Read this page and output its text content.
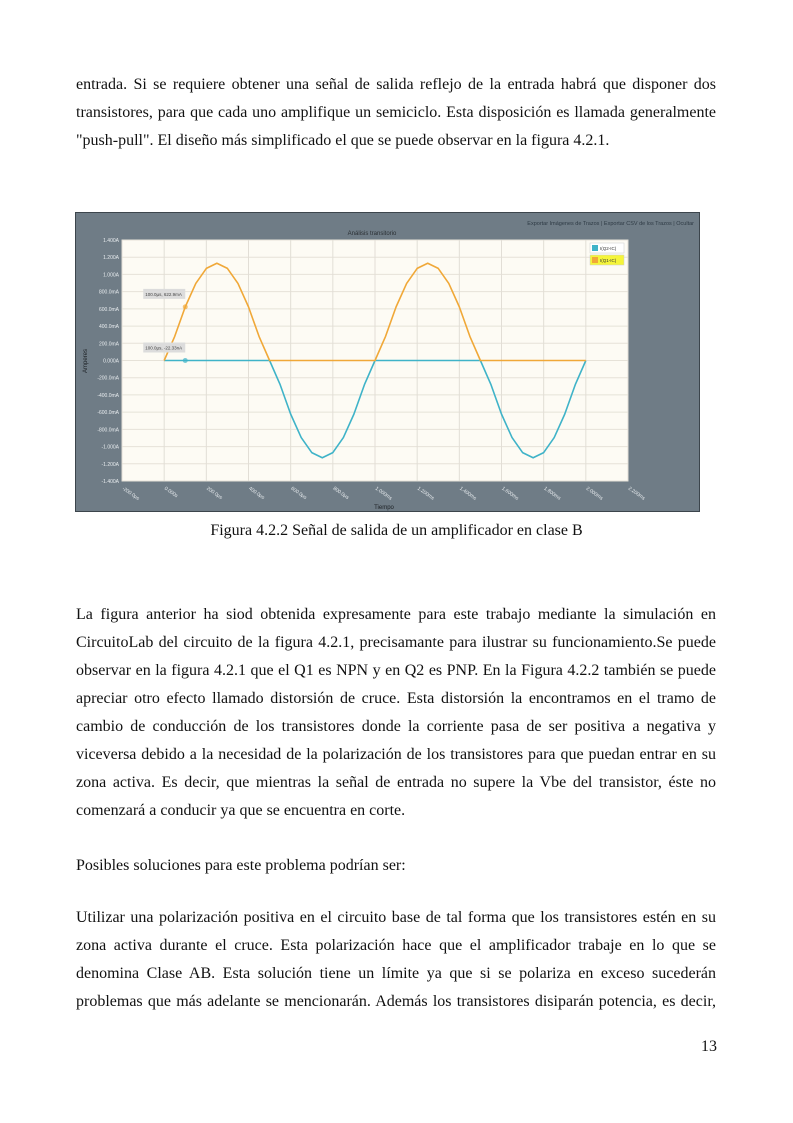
entrada. Si se requiere obtener una señal de salida reflejo de la entrada habrá que disponer dos
transistores, para que cada uno amplifique un semiciclo. Esta disposición es llamada generalmente
"push-pull". El diseño más simplificado el que se puede observar en la figura 4.2.1.
1.400A
1.200A
1.000A
800.0mA
600.0mA
400.0mA
200.0mA
0.000A
-200.0mA
-400.0mA
-600.0mA
-800.0mA
-1.000A
-1.200A
-1.400A
-200.0µs	0.000s	200.0µs	400.0µs	600.0µs	800.0µs	1.000ms	1.200ms	1.400ms	1.600ms	1.800ms	2.000ms	2.200ms
Análisis transitorio
Exportar Imágenes de Trazos | Exportar CSV de los Trazos | Ocultar
Tiempo
Amperes
I(Q2-IC)
I(Q1-IC)
100.0µs, 622.9mA
100.0µs, -22.33nA
Figura 4.2.2 Señal de salida de un amplificador en clase B
La figura anterior ha siod obtenida expresamente para este trabajo mediante la simulación en
CircuitoLab del circuito de la figura 4.2.1, precisamante para ilustrar su funcionamiento.Se puede
observar en la figura 4.2.1 que el Q1 es NPN y en Q2 es PNP. En la Figura 4.2.2 también se puede
apreciar otro efecto llamado distorsión de cruce. Esta distorsión la encontramos en el tramo de
cambio de conducción de los transistores donde la corriente pasa de ser positiva a negativa y
viceversa debido a la necesidad de la polarización de los transistores para que puedan entrar en su
zona activa. Es decir, que mientras la señal de entrada no supere la Vbe del transistor, éste no
comenzará a conducir ya que se encuentra en corte.
Posibles soluciones para este problema podrían ser:
Utilizar una polarización positiva en el circuito base de tal forma que los transistores estén en su
zona activa durante el cruce. Esta polarización hace que el amplificador trabaje en lo que se
denomina Clase AB. Esta solución tiene un límite ya que si se polariza en exceso sucederán
problemas que más adelante se mencionarán. Además los transistores disiparán potencia, es decir,
13
